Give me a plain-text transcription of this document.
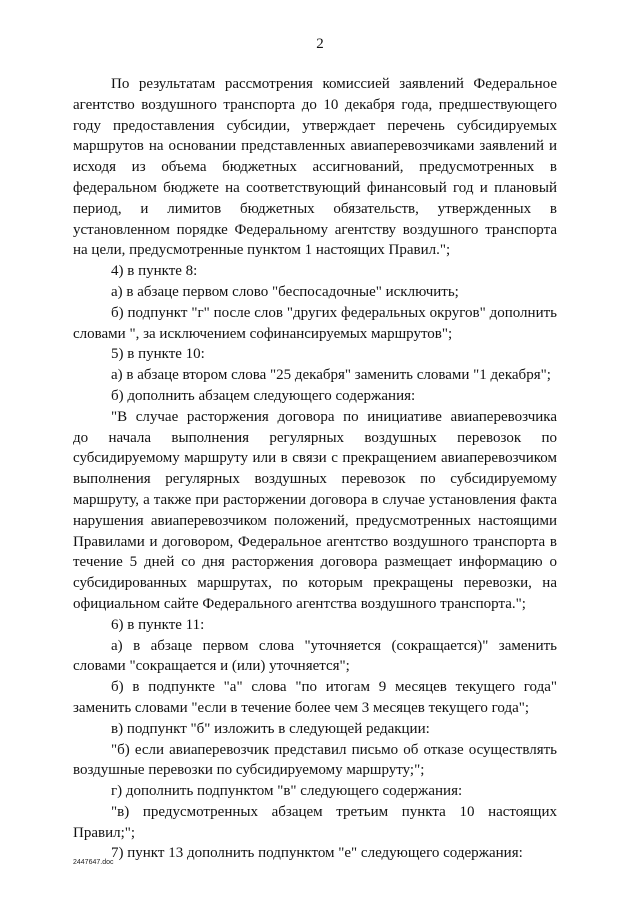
2
По результатам рассмотрения комиссией заявлений Федеральное
агентство воздушного транспорта до 10 декабря года, предшествующего
году предоставления субсидии, утверждает перечень субсидируемых
маршрутов на основании представленных авиаперевозчиками заявлений и
исходя из объема бюджетных ассигнований, предусмотренных в
федеральном бюджете на соответствующий финансовый год и плановый
период, и лимитов бюджетных обязательств, утвержденных в
установленном порядке Федеральному агентству воздушного транспорта
на цели, предусмотренные пунктом 1 настоящих Правил.";
4) в пункте 8:
а) в абзаце первом слово "беспосадочные" исключить;
б) подпункт "г" после слов "других федеральных округов" дополнить
словами ", за исключением софинансируемых маршрутов";
5) в пункте 10:
а) в абзаце втором слова "25 декабря" заменить словами "1 декабря";
б) дополнить абзацем следующего содержания:
"В случае расторжения договора по инициативе авиаперевозчика
до начала выполнения регулярных воздушных перевозок по
субсидируемому маршруту или в связи с прекращением авиаперевозчиком
выполнения регулярных воздушных перевозок по субсидируемому
маршруту, а также при расторжении договора в случае установления факта
нарушения авиаперевозчиком положений, предусмотренных настоящими
Правилами и договором, Федеральное агентство воздушного транспорта в
течение 5 дней со дня расторжения договора размещает информацию о
субсидированных маршрутах, по которым прекращены перевозки, на
официальном сайте Федерального агентства воздушного транспорта.";
6) в пункте 11:
а) в абзаце первом слова "уточняется (сокращается)" заменить
словами "сокращается и (или) уточняется";
б) в подпункте "а" слова "по итогам 9 месяцев текущего года"
заменить словами "если в течение более чем 3 месяцев текущего года";
в) подпункт "б" изложить в следующей редакции:
"б) если авиаперевозчик представил письмо об отказе осуществлять
воздушные перевозки по субсидируемому маршруту;";
г) дополнить подпунктом "в" следующего содержания:
"в) предусмотренных абзацем третьим пункта 10 настоящих
Правил;";
7) пункт 13 дополнить подпунктом "е" следующего содержания:
2447647.doc
